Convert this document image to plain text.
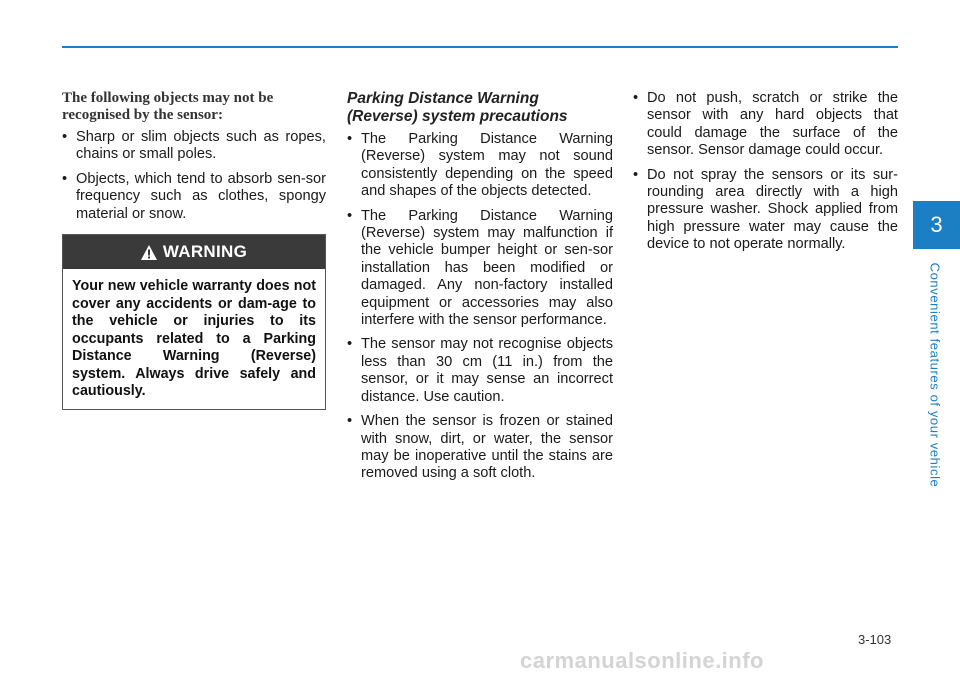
3
Convenient features of your vehicle
The following objects may not be recognised by the sensor:
• Sharp or slim objects such as ropes, chains or small poles.
• Objects, which tend to absorb sen-sor frequency such as clothes, spongy material or snow.
WARNING
Your new vehicle warranty does not cover any accidents or dam-age to the vehicle or injuries to its occupants related to a Parking Distance Warning (Reverse) system. Always drive safely and cautiously.
Parking Distance Warning (Reverse) system precautions
• The Parking Distance Warning (Reverse) system may not sound consistently depending on the speed and shapes of the objects detected.
• The Parking Distance Warning (Reverse) system may malfunction if the vehicle bumper height or sen-sor installation has been modified or damaged. Any non-factory installed equipment or accessories may also interfere with the sensor performance.
• The sensor may not recognise objects less than 30 cm (11 in.) from the sensor, or it may sense an incorrect distance. Use caution.
• When the sensor is frozen or stained with snow, dirt, or water, the sensor may be inoperative until the stains are removed using a soft cloth.
• Do not push, scratch or strike the sensor with any hard objects that could damage the surface of the sensor. Sensor damage could occur.
• Do not spray the sensors or its sur-rounding area directly with a high pressure washer. Shock applied from high pressure water may cause the device to not operate normally.
3-103
carmanualsonline.info
